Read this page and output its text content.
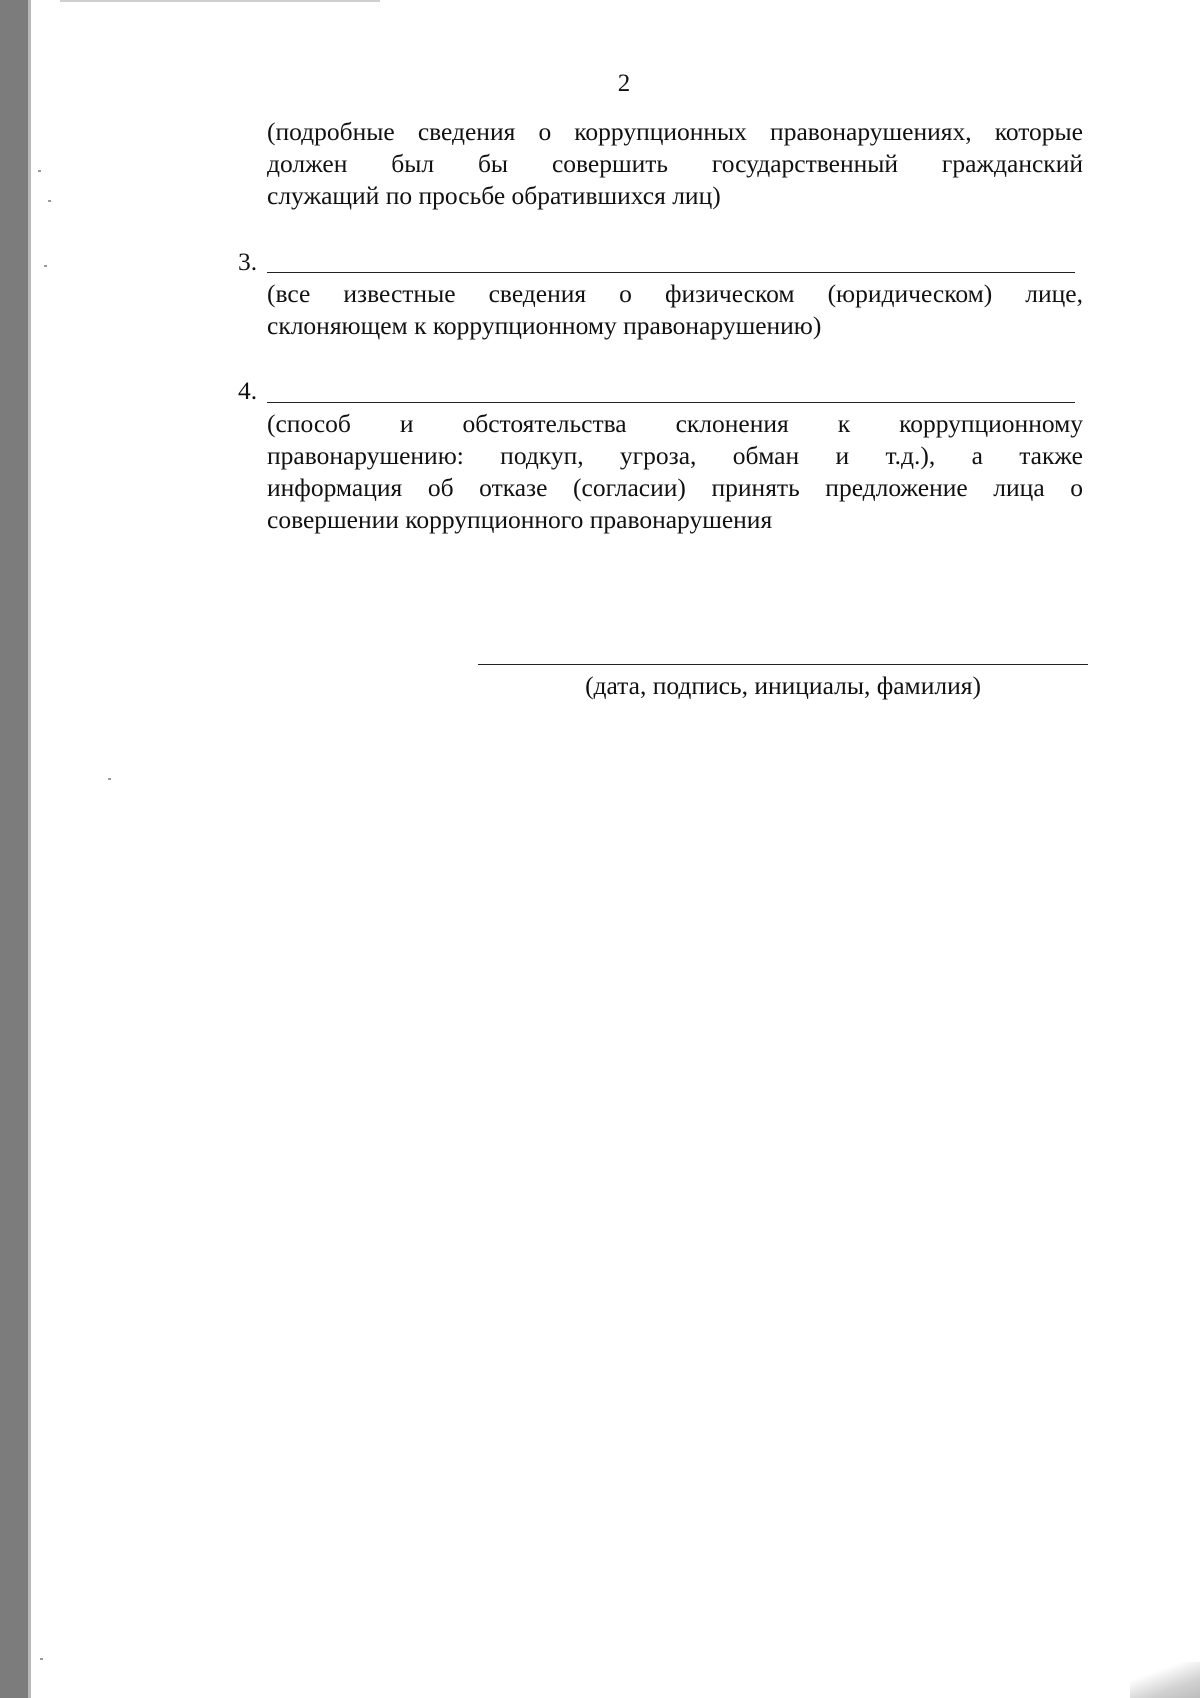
2
(подробные сведения о коррупционных правонарушениях, которые
должен был бы совершить государственный гражданский
служащий по просьбе обратившихся лиц)
3.
(все известные сведения о физическом (юридическом) лице,
склоняющем к коррупционному правонарушению)
4.
(способ и обстоятельства склонения к коррупционному
правонарушению: подкуп, угроза, обман и т.д.), а также
информация об отказе (согласии) принять предложение лица о
совершении коррупционного правонарушения
(дата, подпись, инициалы, фамилия)
